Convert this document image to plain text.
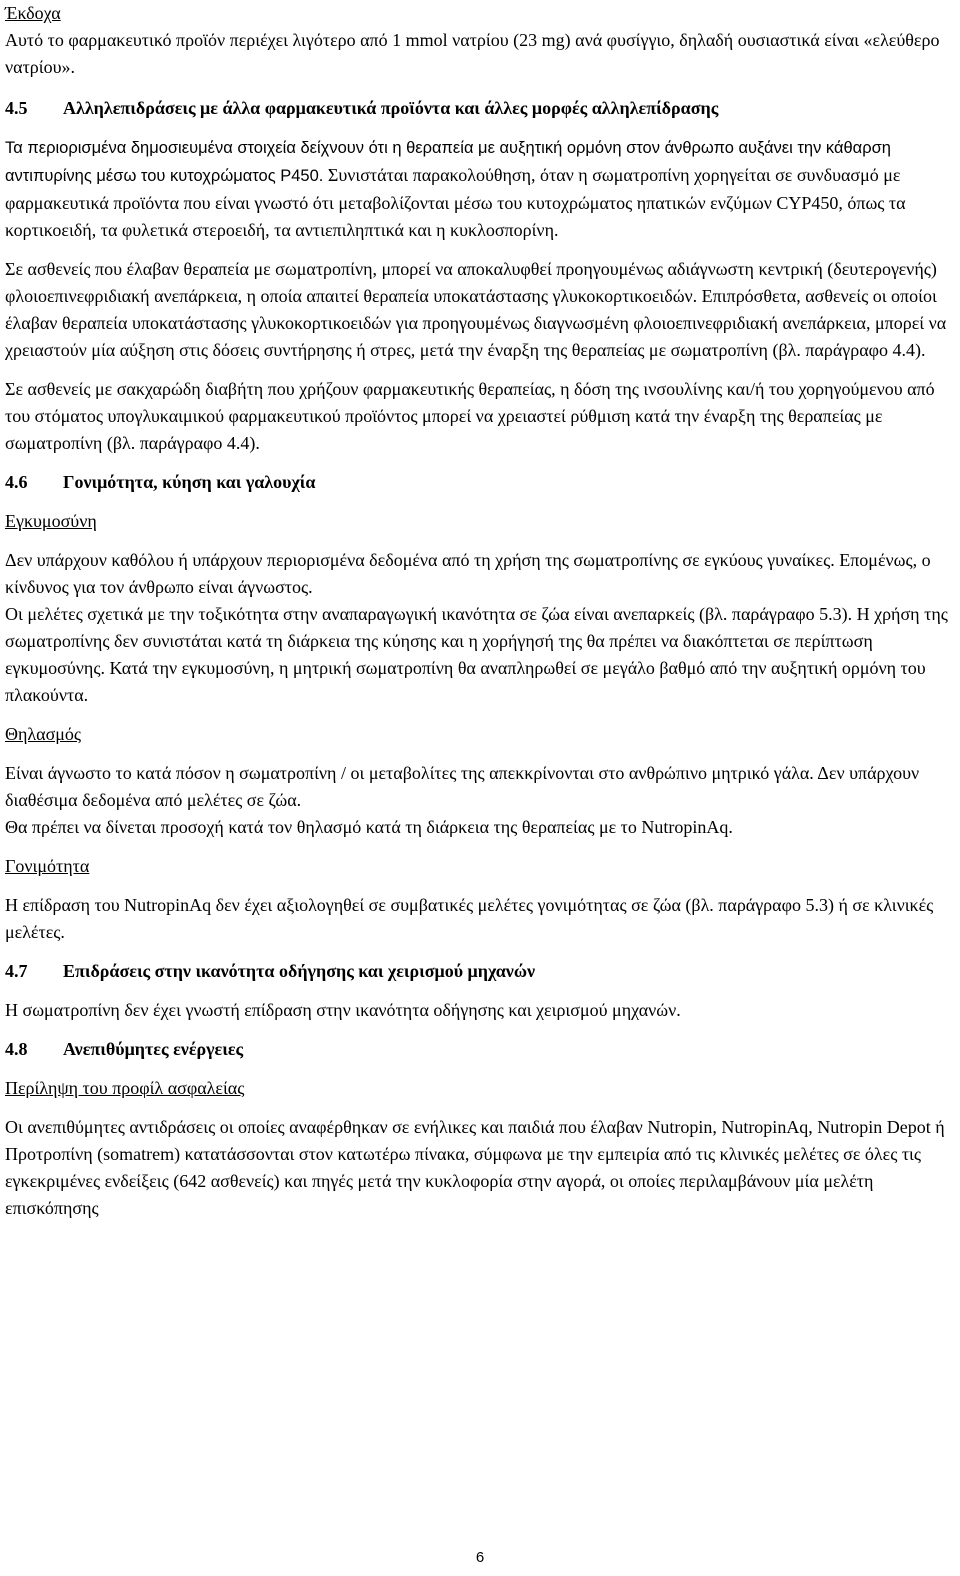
Έκδοχα

Αυτό το φαρμακευτικό προϊόν περιέχει λιγότερο από 1 mmol νατρίου (23 mg) ανά φυσίγγιο, δηλαδή ουσιαστικά είναι «ελεύθερο νατρίου».

4.5 Αλληλεπιδράσεις με άλλα φαρμακευτικά προϊόντα και άλλες μορφές αλληλεπίδρασης

Τα περιορισμένα δημοσιευμένα στοιχεία δείχνουν ότι η θεραπεία με αυξητική ορμόνη στον άνθρωπο αυξάνει την κάθαρση αντιπυρίνης μέσω του κυτοχρώματος P450. Συνιστάται παρακολούθηση, όταν η σωματροπίνη χορηγείται σε συνδυασμό με φαρμακευτικά προϊόντα που είναι γνωστό ότι μεταβολίζονται μέσω του κυτοχρώματος ηπατικών ενζύμων CYP450, όπως τα κορτικοειδή, τα φυλετικά στεροειδή, τα αντιεπιληπτικά και η κυκλοσπορίνη.

Σε ασθενείς που έλαβαν θεραπεία με σωματροπίνη, μπορεί να αποκαλυφθεί προηγουμένως αδιάγνωστη κεντρική (δευτερογενής) φλοιοεπινεφριδιακή ανεπάρκεια, η οποία απαιτεί θεραπεία υποκατάστασης γλυκοκορτικοειδών. Επιπρόσθετα, ασθενείς οι οποίοι έλαβαν θεραπεία υποκατάστασης γλυκοκορτικοειδών για προηγουμένως διαγνωσμένη φλοιοεπινεφριδιακή ανεπάρκεια, μπορεί να χρειαστούν μία αύξηση στις δόσεις συντήρησης ή στρες, μετά την έναρξη της θεραπείας με σωματροπίνη (βλ. παράγραφο 4.4).

Σε ασθενείς με σακχαρώδη διαβήτη που χρήζουν φαρμακευτικής θεραπείας, η δόση της ινσουλίνης και/ή του χορηγούμενου από του στόματος υπογλυκαιμικού φαρμακευτικού προϊόντος μπορεί να χρειαστεί ρύθμιση κατά την έναρξη της θεραπείας με σωματροπίνη (βλ. παράγραφο 4.4).

4.6 Γονιμότητα, κύηση και γαλουχία

Εγκυμοσύνη

Δεν υπάρχουν καθόλου ή υπάρχουν περιορισμένα δεδομένα από τη χρήση της σωματροπίνης σε εγκύους γυναίκες. Επομένως, ο κίνδυνος για τον άνθρωπο είναι άγνωστος.

Οι μελέτες σχετικά με την τοξικότητα στην αναπαραγωγική ικανότητα σε ζώα είναι ανεπαρκείς (βλ. παράγραφο 5.3). Η χρήση της σωματροπίνης δεν συνιστάται κατά τη διάρκεια της κύησης και η χορήγησή της θα πρέπει να διακόπτεται σε περίπτωση εγκυμοσύνης. Κατά την εγκυμοσύνη, η μητρική σωματροπίνη θα αναπληρωθεί σε μεγάλο βαθμό από την αυξητική ορμόνη του πλακούντα.

Θηλασμός

Είναι άγνωστο το κατά πόσον η σωματροπίνη / οι μεταβολίτες της απεκκρίνονται στο ανθρώπινο μητρικό γάλα. Δεν υπάρχουν διαθέσιμα δεδομένα από μελέτες σε ζώα.

Θα πρέπει να δίνεται προσοχή κατά τον θηλασμό κατά τη διάρκεια της θεραπείας με το NutropinAq.

Γονιμότητα

Η επίδραση του NutropinAq δεν έχει αξιολογηθεί σε συμβατικές μελέτες γονιμότητας σε ζώα (βλ. παράγραφο 5.3) ή σε κλινικές μελέτες.

4.7 Επιδράσεις στην ικανότητα οδήγησης και χειρισμού μηχανών

Η σωματροπίνη δεν έχει γνωστή επίδραση στην ικανότητα οδήγησης και χειρισμού μηχανών.

4.8 Ανεπιθύμητες ενέργειες

Περίληψη του προφίλ ασφαλείας

Οι ανεπιθύμητες αντιδράσεις οι οποίες αναφέρθηκαν σε ενήλικες και παιδιά που έλαβαν Nutropin, NutropinAq, Nutropin Depot ή Προτροπίνη (somatrem) κατατάσσονται στον κατωτέρω πίνακα, σύμφωνα με την εμπειρία από τις κλινικές μελέτες σε όλες τις εγκεκριμένες ενδείξεις (642 ασθενείς) και πηγές μετά την κυκλοφορία στην αγορά, οι οποίες περιλαμβάνουν μία μελέτη επισκόπησης

6
